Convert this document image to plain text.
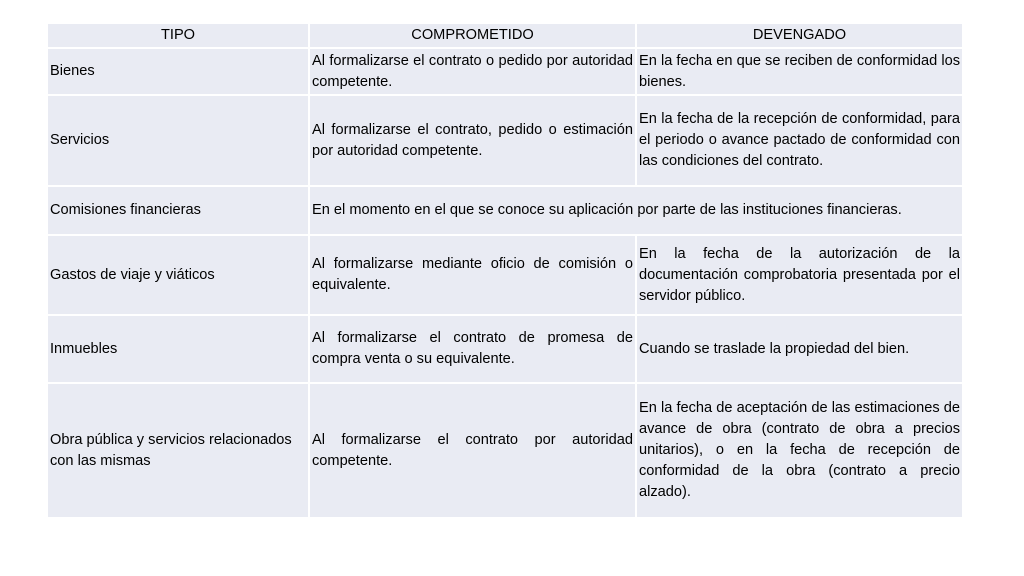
TIPO	COMPROMETIDO	DEVENGADO
Bienes	Al formalizarse el contrato o pedido por autoridad competente.	En la fecha en que se reciben de conformidad los bienes.
Servicios	Al formalizarse el contrato, pedido o estimación por autoridad competente.	En la fecha de la recepción de conformidad, para el periodo o avance pactado de conformidad con las condiciones del contrato.
Comisiones financieras	En el momento en el que se conoce su aplicación por parte de las instituciones financieras.	
Gastos de viaje y viáticos	Al formalizarse mediante oficio de comisión o equivalente.	En la fecha de la autorización de la documentación comprobatoria presentada por el servidor público.
Inmuebles	Al formalizarse el contrato de promesa de compra venta o su equivalente.	Cuando se traslade la propiedad del bien.
Obra pública y servicios relacionados con las mismas	Al formalizarse el contrato por autoridad competente.	En la fecha de aceptación de las estimaciones de avance de obra (contrato de obra a precios unitarios), o en la fecha de recepción de conformidad de la obra (contrato a precio alzado).
